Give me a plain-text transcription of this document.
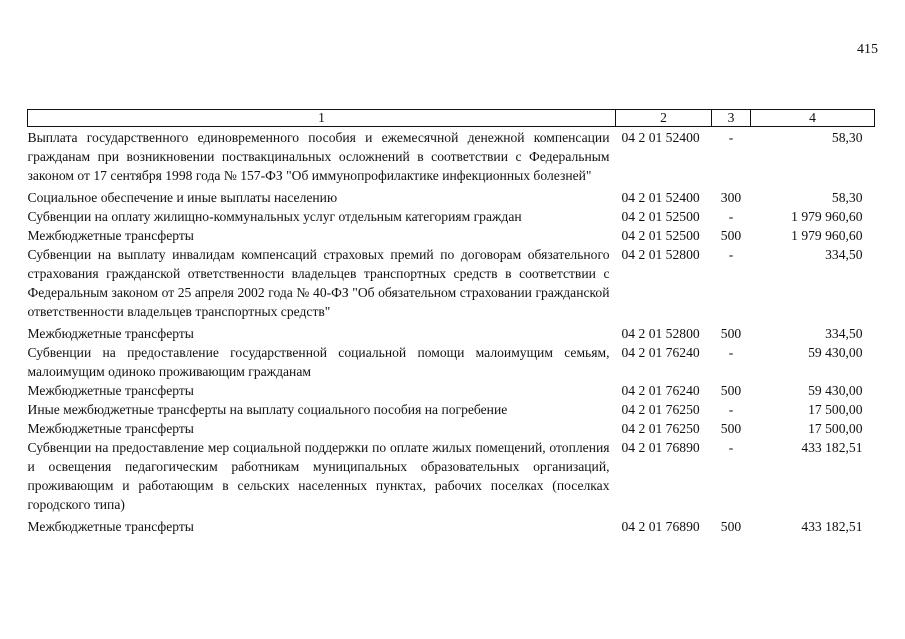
415
1	2	3	4
Выплата государственного единовременного пособия и ежемесячной денежной компенсации гражданам при возникновении поствакцинальных осложнений в соответствии с Федеральным законом от 17 сентября 1998 года № 157-ФЗ "Об иммунопрофилактике инфекционных болезней"	04 2 01 52400	-	58,30
Социальное обеспечение и иные выплаты населению	04 2 01 52400	300	58,30
Субвенции на оплату жилищно-коммунальных услуг отдельным категориям граждан	04 2 01 52500	-	1 979 960,60
Межбюджетные трансферты	04 2 01 52500	500	1 979 960,60
Субвенции на выплату инвалидам компенсаций страховых премий по договорам обязательного страхования гражданской ответственности владельцев транспортных средств в соответствии с Федеральным законом от 25 апреля 2002 года № 40-ФЗ "Об обязательном страховании гражданской ответственности владельцев транспортных средств"	04 2 01 52800	-	334,50
Межбюджетные трансферты	04 2 01 52800	500	334,50
Субвенции на предоставление государственной социальной помощи малоимущим семьям, малоимущим одиноко проживающим гражданам	04 2 01 76240	-	59 430,00
Межбюджетные трансферты	04 2 01 76240	500	59 430,00
Иные межбюджетные трансферты на выплату социального пособия на погребение	04 2 01 76250	-	17 500,00
Межбюджетные трансферты	04 2 01 76250	500	17 500,00
Субвенции на предоставление мер социальной поддержки по оплате жилых помещений, отопления и освещения педагогическим работникам муниципальных образовательных организаций, проживающим и работающим в сельских населенных пунктах, рабочих поселках (поселках городского типа)	04 2 01 76890	-	433 182,51
Межбюджетные трансферты	04 2 01 76890	500	433 182,51
